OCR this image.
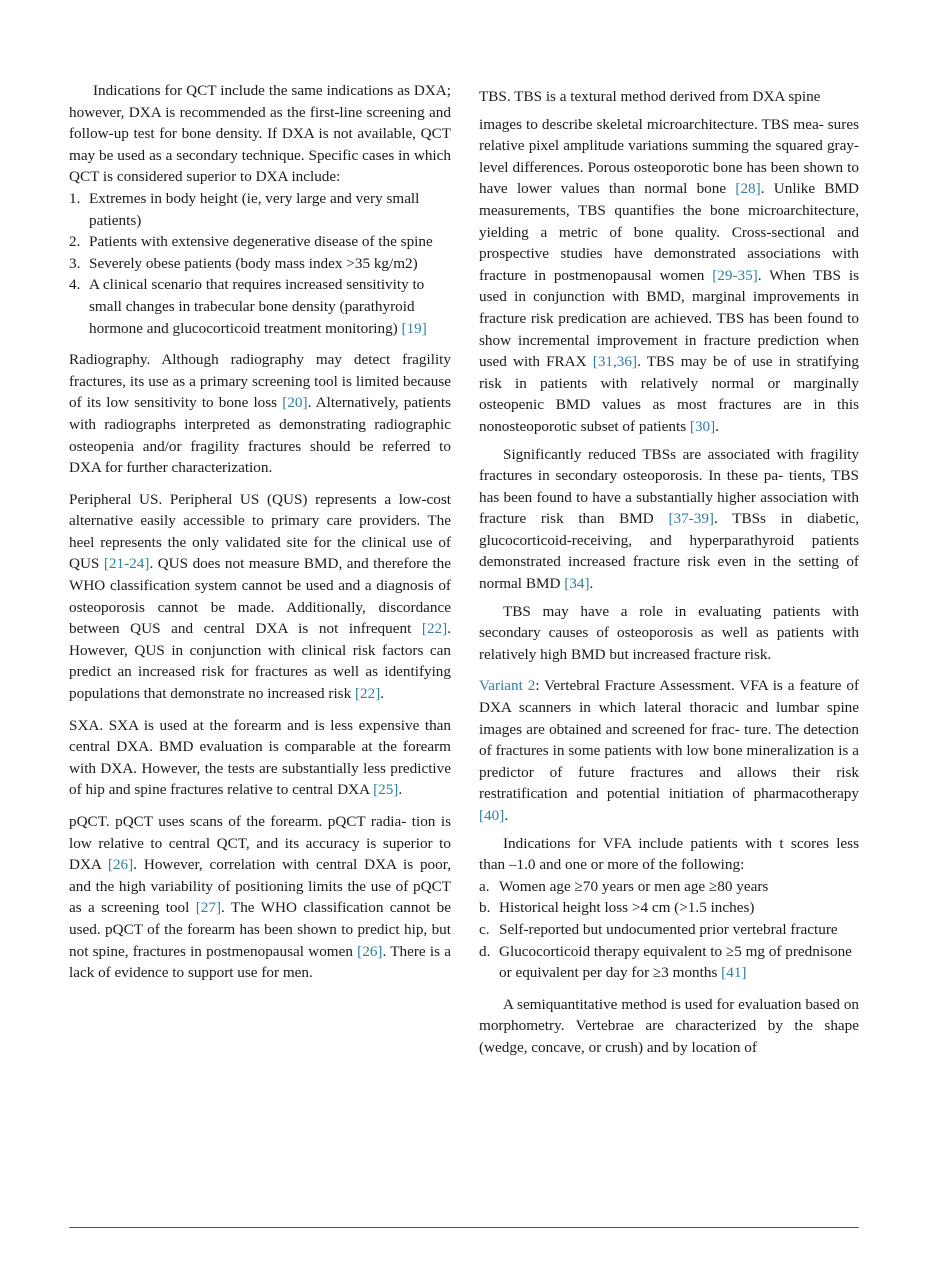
Indications for QCT include the same indications as DXA; however, DXA is recommended as the first-line screening and follow-up test for bone density. If DXA is not available, QCT may be used as a secondary technique. Specific cases in which QCT is considered superior to DXA include:

1. Extremes in body height (ie, very large and very small patients)
2. Patients with extensive degenerative disease of the spine
3. Severely obese patients (body mass index >35 kg/m2)
4. A clinical scenario that requires increased sensitivity to small changes in trabecular bone density (parathyroid hormone and glucocorticoid treatment monitoring) [19]

Radiography. Although radiography may detect fragility fractures, its use as a primary screening tool is limited because of its low sensitivity to bone loss [20]. Alternatively, patients with radiographs interpreted as demonstrating radiographic osteopenia and/or fragility fractures should be referred to DXA for further characterization.

Peripheral US. Peripheral US (QUS) represents a low-cost alternative easily accessible to primary care providers. The heel represents the only validated site for the clinical use of QUS [21-24]. QUS does not measure BMD, and therefore the WHO classification system cannot be used and a diagnosis of osteoporosis cannot be made. Additionally, discordance between QUS and central DXA is not infrequent [22]. However, QUS in conjunction with clinical risk factors can predict an increased risk for fractures as well as identifying populations that demonstrate no increased risk [22].

SXA. SXA is used at the forearm and is less expensive than central DXA. BMD evaluation is comparable at the forearm with DXA. However, the tests are substantially less predictive of hip and spine fractures relative to central DXA [25].

pQCT. pQCT uses scans of the forearm. pQCT radia- tion is low relative to central QCT, and its accuracy is superior to DXA [26]. However, correlation with central DXA is poor, and the high variability of positioning limits the use of pQCT as a screening tool [27]. The WHO classification cannot be used. pQCT of the forearm has been shown to predict hip, but not spine, fractures in postmenopausal women [26]. There is a lack of evidence to support use for men.

TBS. TBS is a textural method derived from DXA spine

images to describe skeletal microarchitecture. TBS mea- sures relative pixel amplitude variations summing the squared gray-level differences. Porous osteoporotic bone has been shown to have lower values than normal bone [28]. Unlike BMD measurements, TBS quantifies the bone microarchitecture, yielding a metric of bone quality. Cross-sectional and prospective studies have demonstrated associations with fracture in postmenopausal women [29-35]. When TBS is used in conjunction with BMD, marginal improvements in fracture risk predication are achieved. TBS has been found to show incremental improvement in fracture prediction when used with FRAX [31,36]. TBS may be of use in stratifying risk in patients with relatively normal or marginally osteopenic BMD values as most fractures are in this nonosteoporotic subset of patients [30].

Significantly reduced TBSs are associated with fragility fractures in secondary osteoporosis. In these pa- tients, TBS has been found to have a substantially higher association with fracture risk than BMD [37-39]. TBSs in diabetic, glucocorticoid-receiving, and hyperparathyroid patients demonstrated increased fracture risk even in the setting of normal BMD [34].

TBS may have a role in evaluating patients with secondary causes of osteoporosis as well as patients with relatively high BMD but increased fracture risk.

Variant 2: Vertebral Fracture Assessment. VFA is a feature of DXA scanners in which lateral thoracic and lumbar spine images are obtained and screened for frac- ture. The detection of fractures in some patients with low bone mineralization is a predictor of future fractures and allows their risk restratification and potential initiation of pharmacotherapy [40].

Indications for VFA include patients with t scores less than –1.0 and one or more of the following:

a. Women age ≥70 years or men age ≥80 years
b. Historical height loss >4 cm (>1.5 inches)
c. Self-reported but undocumented prior vertebral fracture
d. Glucocorticoid therapy equivalent to ≥5 mg of prednisone or equivalent per day for ≥3 months [41]

A semiquantitative method is used for evaluation based on morphometry. Vertebrae are characterized by the shape (wedge, concave, or crush) and by location of
